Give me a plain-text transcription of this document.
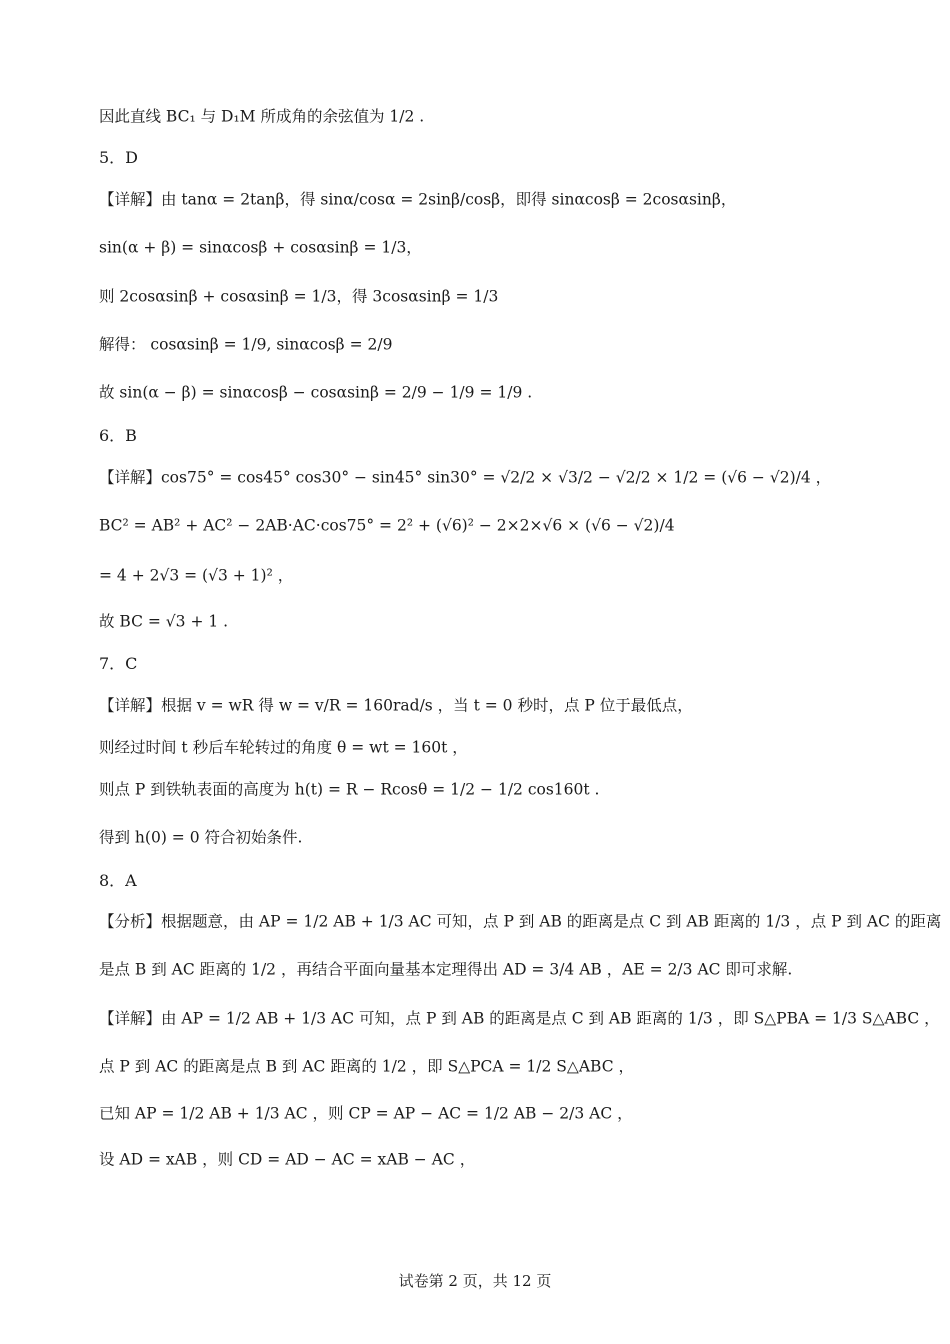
因此直线 BC₁ 与 D₁M 所成角的余弦值为 1/2 .
5．D
【详解】由 tanα = 2tanβ，得 sinα/cosα = 2sinβ/cosβ，即得 sinαcosβ = 2cosαsinβ，
sin(α + β) = sinαcosβ + cosαsinβ = 1/3，
则 2cosαsinβ + cosαsinβ = 1/3，得 3cosαsinβ = 1/3
解得： cosαsinβ = 1/9, sinαcosβ = 2/9
故 sin(α − β) = sinαcosβ − cosαsinβ = 2/9 − 1/9 = 1/9 .
6．B
【详解】cos75° = cos45° cos30° − sin45° sin30° = √2/2 × √3/2 − √2/2 × 1/2 = (√6 − √2)/4 ，
BC² = AB² + AC² − 2AB·AC·cos75° = 2² + (√6)² − 2×2×√6 × (√6 − √2)/4
= 4 + 2√3 = (√3 + 1)² ，
故 BC = √3 + 1 .
7．C
【详解】根据 v = wR 得 w = v/R = 160rad/s ，当 t = 0 秒时，点 P 位于最低点，
则经过时间 t 秒后车轮转过的角度 θ = wt = 160t ，
则点 P 到铁轨表面的高度为 h(t) = R − Rcosθ = 1/2 − 1/2 cos160t .
得到 h(0) = 0 符合初始条件.
8．A
【分析】根据题意，由 AP = 1/2 AB + 1/3 AC 可知，点 P 到 AB 的距离是点 C 到 AB 距离的 1/3 ，点 P 到 AC 的距离
是点 B 到 AC 距离的 1/2 ，再结合平面向量基本定理得出 AD = 3/4 AB ，AE = 2/3 AC 即可求解.
【详解】由 AP = 1/2 AB + 1/3 AC 可知，点 P 到 AB 的距离是点 C 到 AB 距离的 1/3 ，即 S△PBA = 1/3 S△ABC ，
点 P 到 AC 的距离是点 B 到 AC 距离的 1/2 ，即 S△PCA = 1/2 S△ABC ，
已知 AP = 1/2 AB + 1/3 AC ，则 CP = AP − AC = 1/2 AB − 2/3 AC ，
设 AD = xAB ，则 CD = AD − AC = xAB − AC ，
试卷第 2 页，共 12 页
